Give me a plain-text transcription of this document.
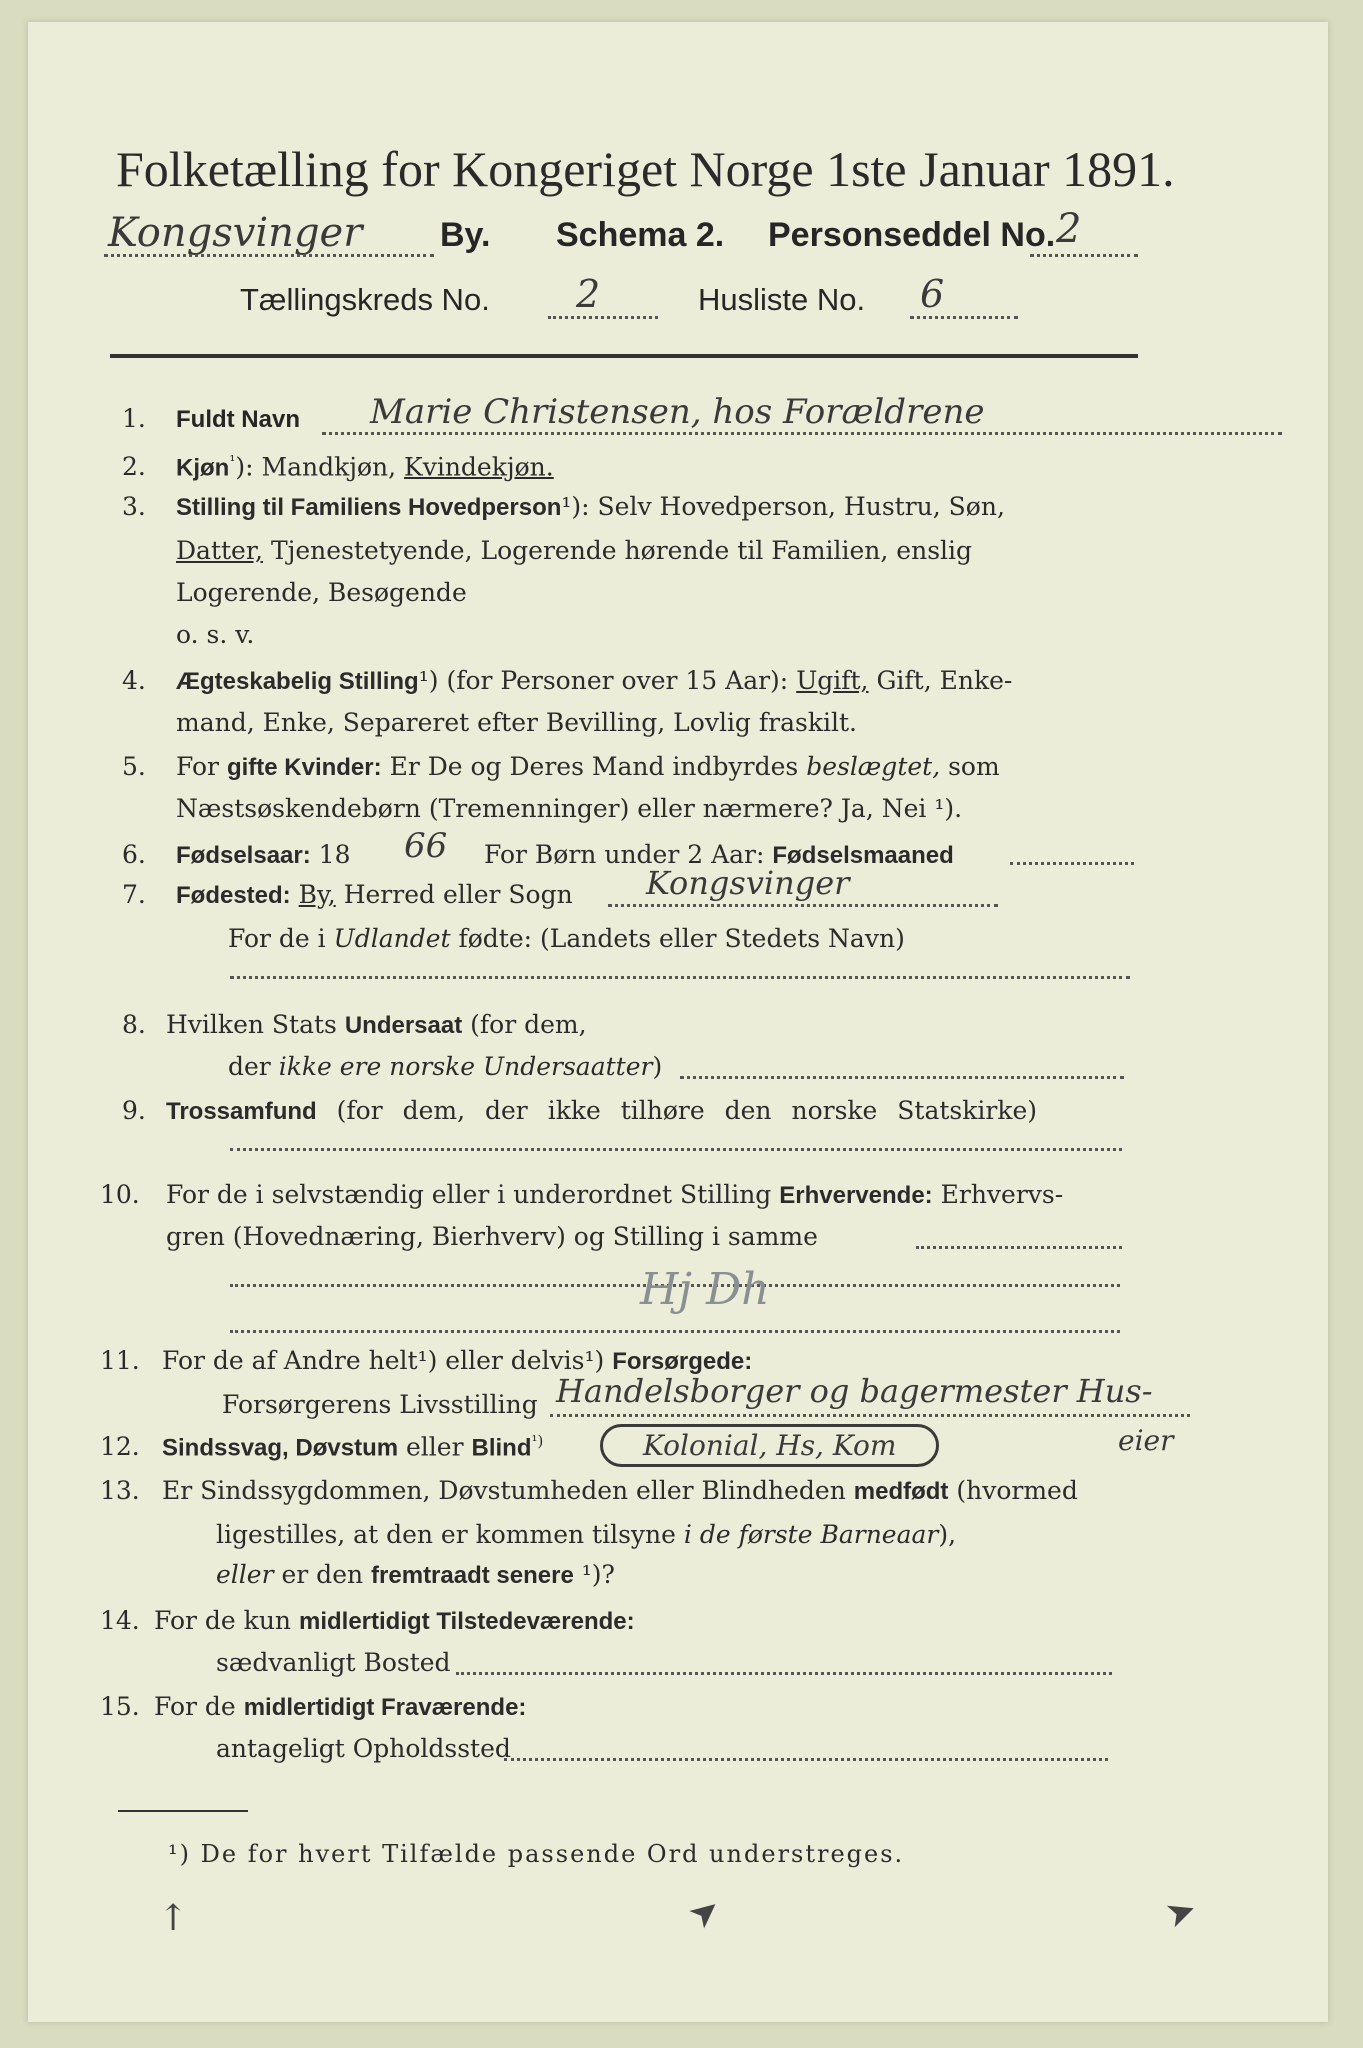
Folketælling for Kongeriget Norge 1ste Januar 1891.
Kongsvinger By. Schema 2. Personseddel No. 2
Tællingskreds No. 2	Husliste No. 6
1. Fuldt Navn Marie Christensen, hos Forældrene
2. Kjøn$^{^1}$): Mandkjøn, Kvindekjøn.
3. Stilling til Familiens Hovedperson¹): Selv Hovedperson, Hustru, Søn,
Datter, Tjenestetyende, Logerende hørende til Familien, enslig
Logerende, Besøgende
o. s. v.
4. Ægteskabelig Stilling¹) (for Personer over 15 Aar): Ugift, Gift, Enke-
mand, Enke, Separeret efter Bevilling, Lovlig fraskilt.
5. For gifte Kvinder: Er De og Deres Mand indbyrdes beslægtet, som
Næstsøskendebørn (Tremenninger) eller nærmere? Ja, Nei ¹).
6. Fødselsaar: 18 66 For Børn under 2 Aar: Fødselsmaaned
7. Fødested: By, Herred eller Sogn Kongsvinger
For de i Udlandet fødte: (Landets eller Stedets Navn)
8. Hvilken Stats Undersaat (for dem,
der ikke ere norske Undersaatter)
9. Trossamfund (for dem, der ikke tilhøre den norske Statskirke)
10. For de i selvstændig eller i underordnet Stilling Erhvervende: Erhvervs-
gren (Hovednæring, Bierhverv) og Stilling i samme
Hj Dh
11. For de af Andre helt¹) eller delvis¹) Forsørgede:
Forsørgerens Livsstilling Handelsborger og bagermester Hus-
eier
12. Sindssvag, Døvstum eller Blind$^{^1)}$	Kolonial, Hs, Kom
13. Er Sindssygdommen, Døvstumheden eller Blindheden medfødt (hvormed
ligestilles, at den er kommen tilsyne i de første Barneaar),
eller er den fremtraadt senere ¹)?
14. For de kun midlertidigt Tilstedeværende:
sædvanligt Bosted
15. For de midlertidigt Fraværende:
antageligt Opholdssted
¹) De for hvert Tilfælde passende Ord understreges.
↑	➤	➤
